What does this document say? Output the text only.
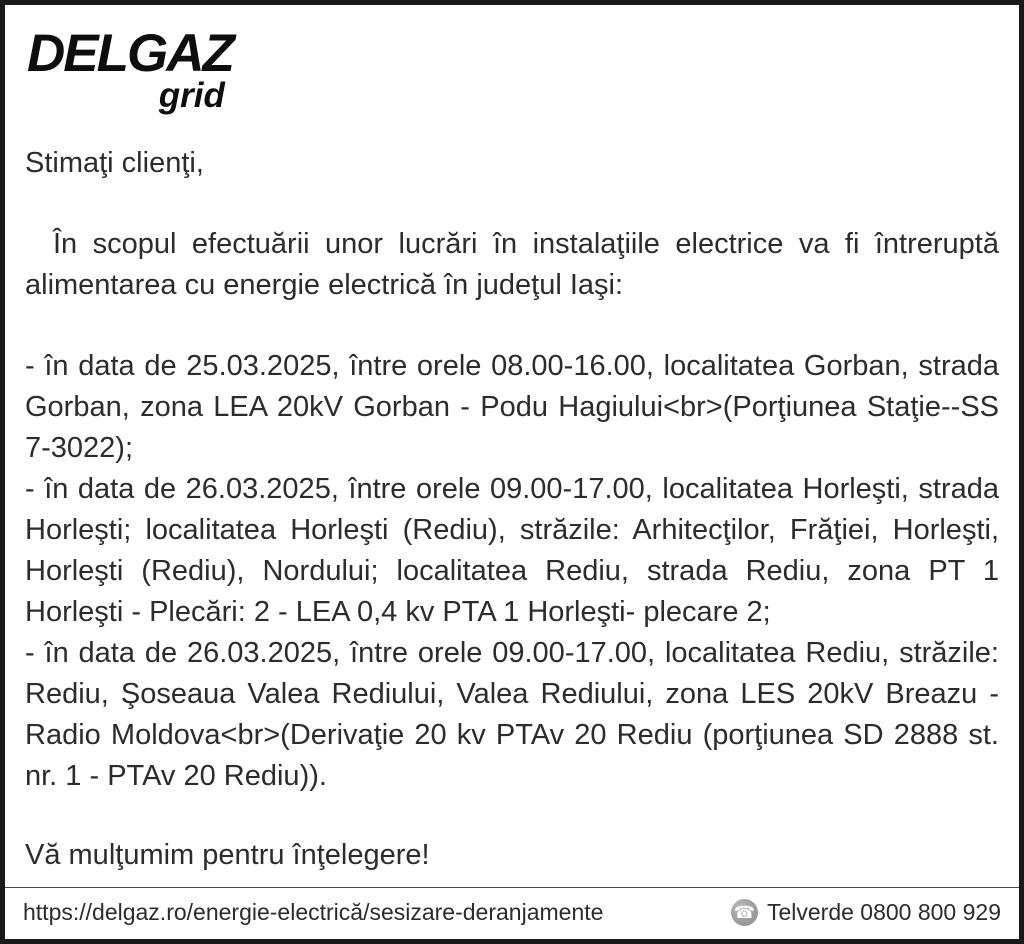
DELGAZ
grid

Stimaţi clienţi,

În scopul efectuării unor lucrări în instalaţiile electrice va fi întreruptă alimentarea cu energie electrică în judeţul Iaşi:

- în data de 25.03.2025, între orele 08.00-16.00, localitatea Gorban, strada Gorban, zona LEA 20kV Gorban - Podu Hagiului<br>(Porţiunea Staţie--SS 7-3022);

- în data de 26.03.2025, între orele 09.00-17.00, localitatea Horleşti, strada Horleşti; localitatea Horleşti (Rediu), străzile: Arhitecţilor, Frăţiei, Horleşti, Horleşti (Rediu), Nordului; localitatea Rediu, strada Rediu, zona PT 1 Horleşti - Plecări: 2 - LEA 0,4 kv PTA 1 Horleşti- plecare 2;

- în data de 26.03.2025, între orele 09.00-17.00, localitatea Rediu, străzile: Rediu, Şoseaua Valea Rediului, Valea Rediului, zona LES 20kV Breazu - Radio Moldova<br>(Derivaţie 20 kv PTAv 20 Rediu (porţiunea SD 2888 st. nr. 1 - PTAv 20 Rediu)).

Vă mulţumim pentru înţelegere!

https://delgaz.ro/energie-electrică/sesizare-deranjamente	☎ Telverde 0800 800 929
